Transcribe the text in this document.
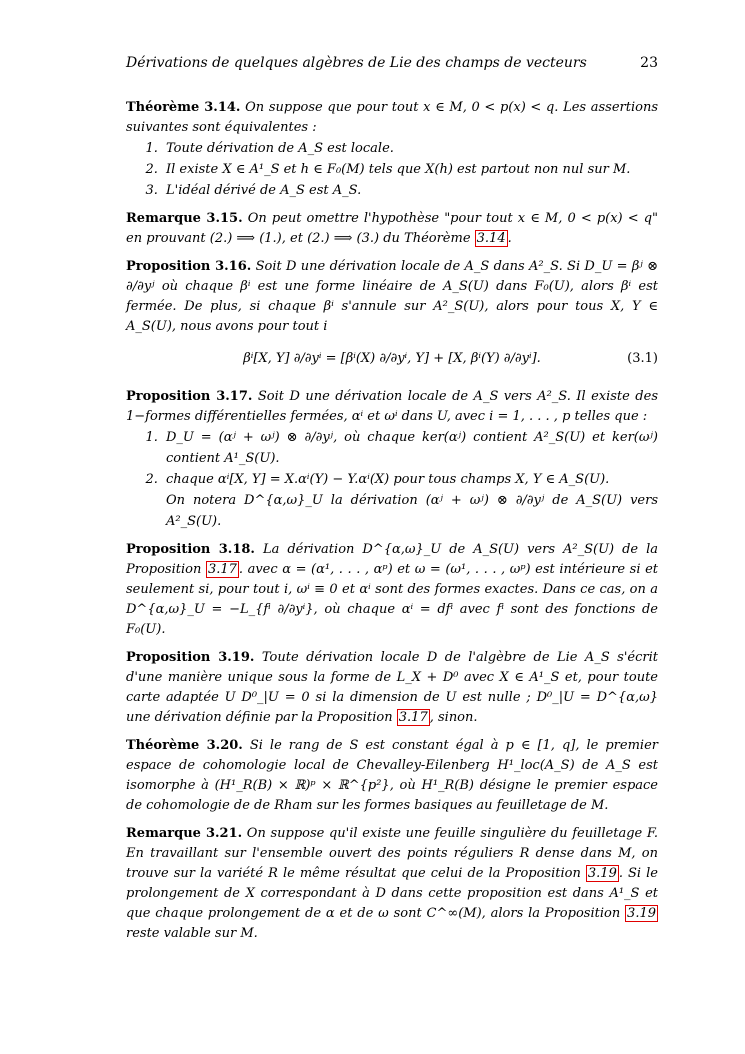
Dérivations de quelques algèbres de Lie des champs de vecteurs	23
Théorème 3.14. On suppose que pour tout x ∈ M, 0 < p(x) < q. Les assertions suivantes sont équivalentes :
1. Toute dérivation de A_S est locale.
2. Il existe X ∈ A¹_S et h ∈ F₀(M) tels que X(h) est partout non nul sur M.
3. L'idéal dérivé de A_S est A_S.
Remarque 3.15. On peut omettre l'hypothèse "pour tout x ∈ M, 0 < p(x) < q" en prouvant (2.) ⟹ (1.), et (2.) ⟹ (3.) du Théorème 3.14 .
Proposition 3.16. Soit D une dérivation locale de A_S dans A²_S. Si D_U = βʲ ⊗ ∂/∂yʲ où chaque βⁱ est une forme linéaire de A_S(U) dans F₀(U), alors βⁱ est fermée. De plus, si chaque βⁱ s'annule sur A²_S(U), alors pour tous X, Y ∈ A_S(U), nous avons pour tout i
βⁱ[X, Y] ∂/∂yⁱ = [βⁱ(X) ∂/∂yⁱ, Y] + [X, βⁱ(Y) ∂/∂yⁱ].	(3.1)
Proposition 3.17. Soit D une dérivation locale de A_S vers A²_S. Il existe des 1−formes différentielles fermées, αⁱ et ωⁱ dans U, avec i = 1, . . . , p telles que :
1. D_U = (αʲ + ωʲ) ⊗ ∂/∂yʲ, où chaque ker(αʲ) contient A²_S(U) et ker(ωʲ) contient A¹_S(U).
2. chaque αⁱ[X, Y] = X.αⁱ(Y) − Y.αⁱ(X) pour tous champs X, Y ∈ A_S(U).
On notera D^{α,ω}_U la dérivation (αʲ + ωʲ) ⊗ ∂/∂yʲ de A_S(U) vers A²_S(U).
Proposition 3.18. La dérivation D^{α,ω}_U de A_S(U) vers A²_S(U) de la Proposition 3.17 . avec α = (α¹, . . . , αᵖ) et ω = (ω¹, . . . , ωᵖ) est intérieure si et seulement si, pour tout i, ωⁱ ≡ 0 et αⁱ sont des formes exactes. Dans ce cas, on a D^{α,ω}_U = −L_{fⁱ ∂/∂yⁱ}, où chaque αⁱ = dfⁱ avec fⁱ sont des fonctions de F₀(U).
Proposition 3.19. Toute dérivation locale D de l'algèbre de Lie A_S s'écrit d'une manière unique sous la forme de L_X + D⁰ avec X ∈ A¹_S et, pour toute carte adaptée U D⁰_|U = 0 si la dimension de U est nulle ; D⁰_|U = D^{α,ω} une dérivation définie par la Proposition 3.17 , sinon.
Théorème 3.20. Si le rang de S est constant égal à p ∈ [1, q], le premier espace de cohomologie local de Chevalley-Eilenberg H¹_loc(A_S) de A_S est isomorphe à (H¹_R(B) × ℝ)ᵖ × ℝ^{p²}, où H¹_R(B) désigne le premier espace de cohomologie de de Rham sur les formes basiques au feuilletage de M.
Remarque 3.21. On suppose qu'il existe une feuille singulière du feuilletage F. En travaillant sur l'ensemble ouvert des points réguliers R dense dans M, on trouve sur la variété R le même résultat que celui de la Proposition 3.19 . Si le prolongement de X correspondant à D dans cette proposition est dans A¹_S et que chaque prolongement de α et de ω sont C^∞(M), alors la Proposition 3.19 reste valable sur M.
